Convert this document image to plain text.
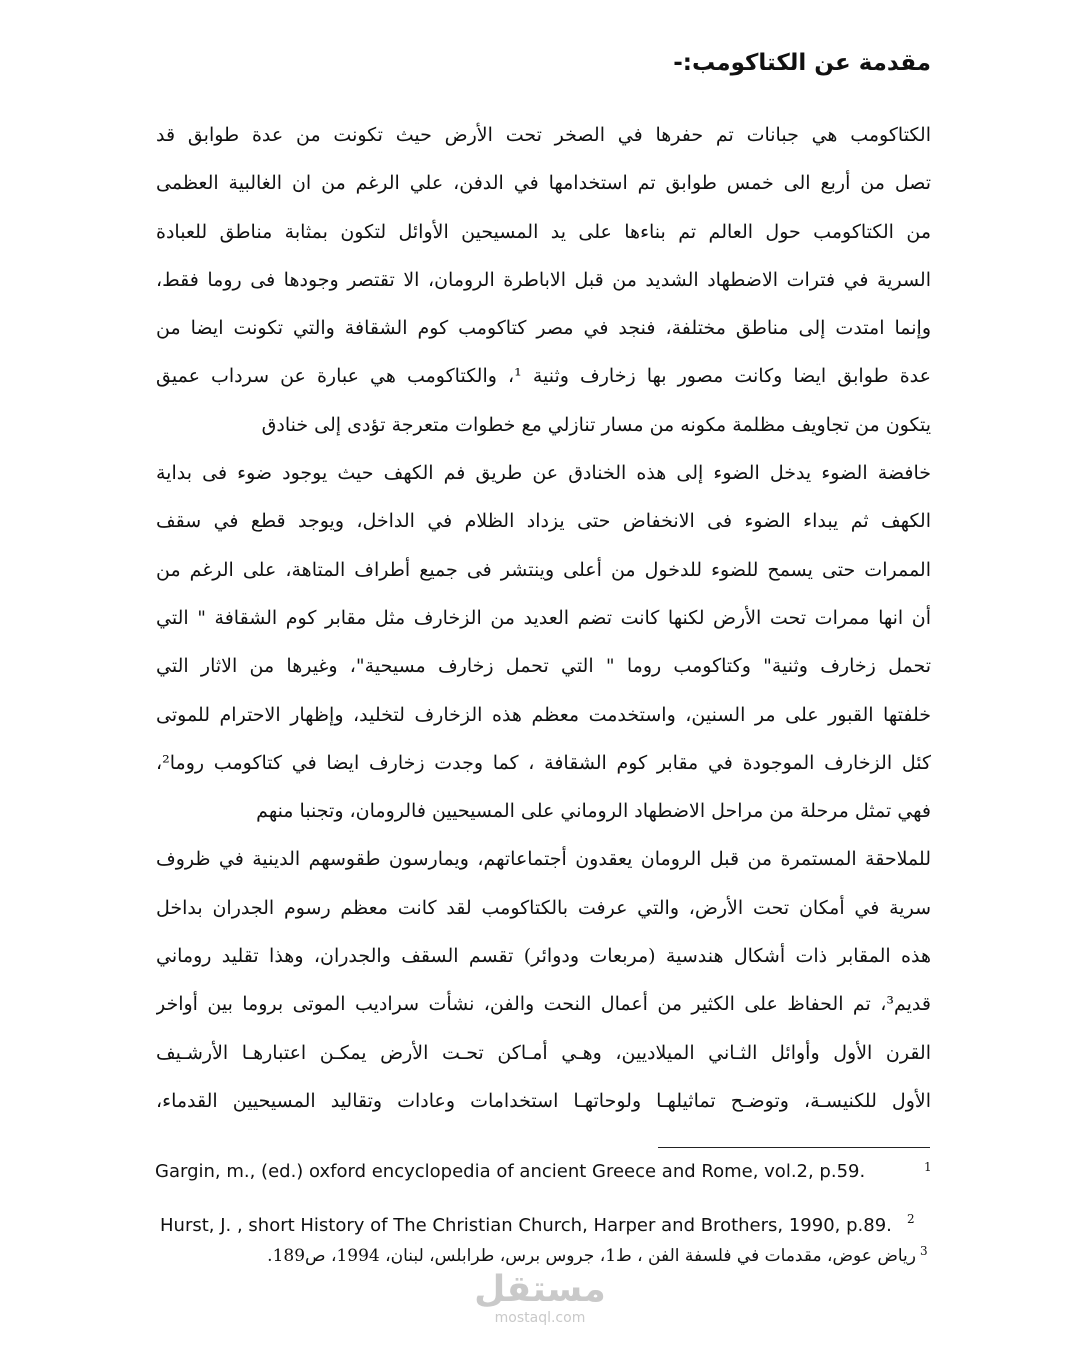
مقدمة عن الكتاكومب:-
الكتاكومب هي جبانات تم حفرها في الصخر تحت الأرض حيث تكونت من عدة طوابق قد
تصل من أربع الى خمس طوابق تم استخدامها في الدفن، علي الرغم من ان الغالبية العظمى
من الكتاكومب حول العالم تم بناءها على يد المسيحين الأوائل لتكون بمثابة مناطق للعبادة
السرية في فترات الاضطهاد الشديد من قبل الاباطرة الرومان، الا تقتصر وجودها فى روما فقط،
وإنما امتدت إلى مناطق مختلفة، فنجد في مصر كتاكومب كوم الشقافة والتي تكونت ايضا من
عدة طوابق ايضا وكانت مصور بها زخارف وثنية ¹، والكتاكومب هي عبارة عن سرداب عميق
يتكون من تجاويف مظلمة مكونه من مسار تنازلي مع خطوات متعرجة تؤدى إلى خنادق
خافضة الضوء يدخل الضوء إلى هذه الخنادق عن طريق فم الكهف حيث يوجود ضوء فى بداية
الكهف ثم يبداء الضوء فى الانخفاض حتى يزداد الظلام في الداخل، ويوجد قطع في سقف
الممرات حتى يسمح للضوء للدخول من أعلى وينتشر فى جميع أطراف المتاهة، على الرغم من
أن انها ممرات تحت الأرض لكنها كانت تضم العديد من الزخارف مثل مقابر كوم الشقافة " التي
تحمل زخارف وثنية" وكتاكومب روما " التي تحمل زخارف مسيحية"، وغيرها من الاثار التي
خلفتها القبور على مر السنين، واستخدمت معظم هذه الزخارف لتخليد، وإظهار الاحترام للموتى
كئل الزخارف الموجودة في مقابر كوم الشقافة ، كما وجدت زخارف ايضا في كتاكومب روما²،
فهي تمثل مرحلة من مراحل الاضطهاد الروماني على المسيحيين فالرومان، وتجنبا منهم
للملاحقة المستمرة من قبل الرومان يعقدون أجتماعاتهم، ويمارسون طقوسهم الدينية في ظروف
سرية في أمكان تحت الأرض، والتي عرفت بالكتاكومب لقد كانت معظم رسوم الجدران بداخل
هذه المقابر ذات أشكال هندسية (مربعات ودوائر) تقسم السقف والجدران، وهذا تقليد روماني
قديم³، تم الحفاظ على الكثير من أعمال النحت والفن، نشأت سراديب الموتى بروما بين أواخر
القرن الأول وأوائل الثـاني الميلاديين، وهـي أمـاكن تحـت الأرض يمكـن اعتبارهـا الأرشـيف
الأول للكنيسـة، وتوضـح تماثيلهـا ولوحاتهـا استخدامات وعادات وتقاليد المسيحيين القدماء،
Gargin, m., (ed.) oxford encyclopedia of ancient Greece and Rome, vol.2, p.59.	1
Hurst, J. , short History of The Christian Church, Harper and Brothers, 1990, p.89. 2
3
رياض عوض، مقدمات في فلسفة الفن ، ط1، جروس برس، طرابلس، لبنان، 1994، ص189.
مستقل
mostaql.com
